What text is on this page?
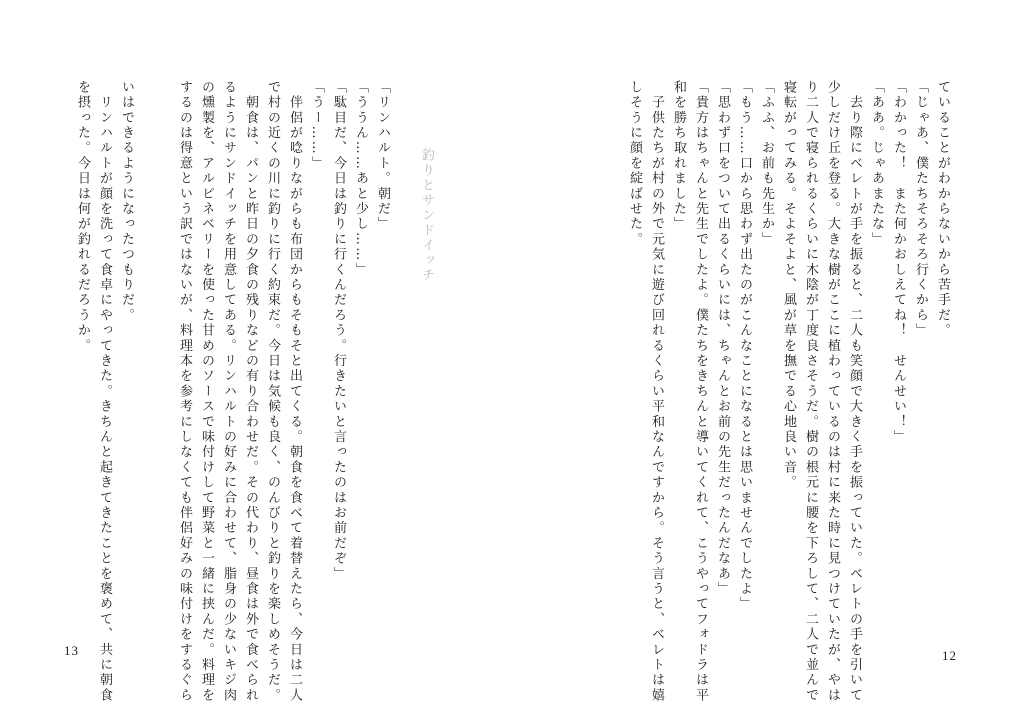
釣りとサンドイッチ
「リンハルト。朝だ」
「ううん……あと少し……」
「駄目だ、今日は釣りに行くんだろう。行きたいと言ったのはお前だぞ」
「うー……」
　伴侶が唸りながらも布団からもそもそと出てくる。朝食を食べて着替えたら、今日は二人
で村の近くの川に釣りに行く約束だ。今日は気候も良く、のんびりと釣りを楽しめそうだ。
　朝食は、パンと昨日の夕食の残りなどの有り合わせだ。その代わり、昼食は外で食べられ
るようにサンドイッチを用意してある。リンハルトの好みに合わせて、脂身の少ないキジ肉
の燻製を、アルピネベリーを使った甘めのソースで味付けして野菜と一緒に挟んだ。料理を
するのは得意という訳ではないが、料理本を参考にしなくても伴侶好みの味付けをするぐら
いはできるようになったつもりだ。
　リンハルトが顔を洗って食卓にやってきた。きちんと起きてきたことを褒めて、共に朝食
を摂った。今日は何が釣れるだろうか。
13
ていることがわからないから苦手だ。
「じゃあ、僕たちそろそろ行くから」
「わかった！　また何かおしえてね！　せんせい！」
「ああ。じゃあまたな」
　去り際にベレトが手を振ると、二人も笑顔で大きく手を振っていた。ベレトの手を引いて
少しだけ丘を登る。大きな樹がここに植わっているのは村に来た時に見つけていたが、やは
り二人で寝られるくらいに木陰が丁度良さそうだ。樹の根元に腰を下ろして、二人で並んで
寝転がってみる。そよそよと、風が草を撫でる心地良い音。
「ふふ、お前も先生か」
「もう……口から思わず出たのがこんなことになるとは思いませんでしたよ」
「思わず口をついて出るくらいには、ちゃんとお前の先生だったんだなあ」
「貴方はちゃんと先生でしたよ。僕たちをきちんと導いてくれて、こうやってフォドラは平
和を勝ち取れました」
　子供たちが村の外で元気に遊び回れるくらい平和なんですから。そう言うと、ベレトは嬉
しそうに顔を綻ばせた。
12
